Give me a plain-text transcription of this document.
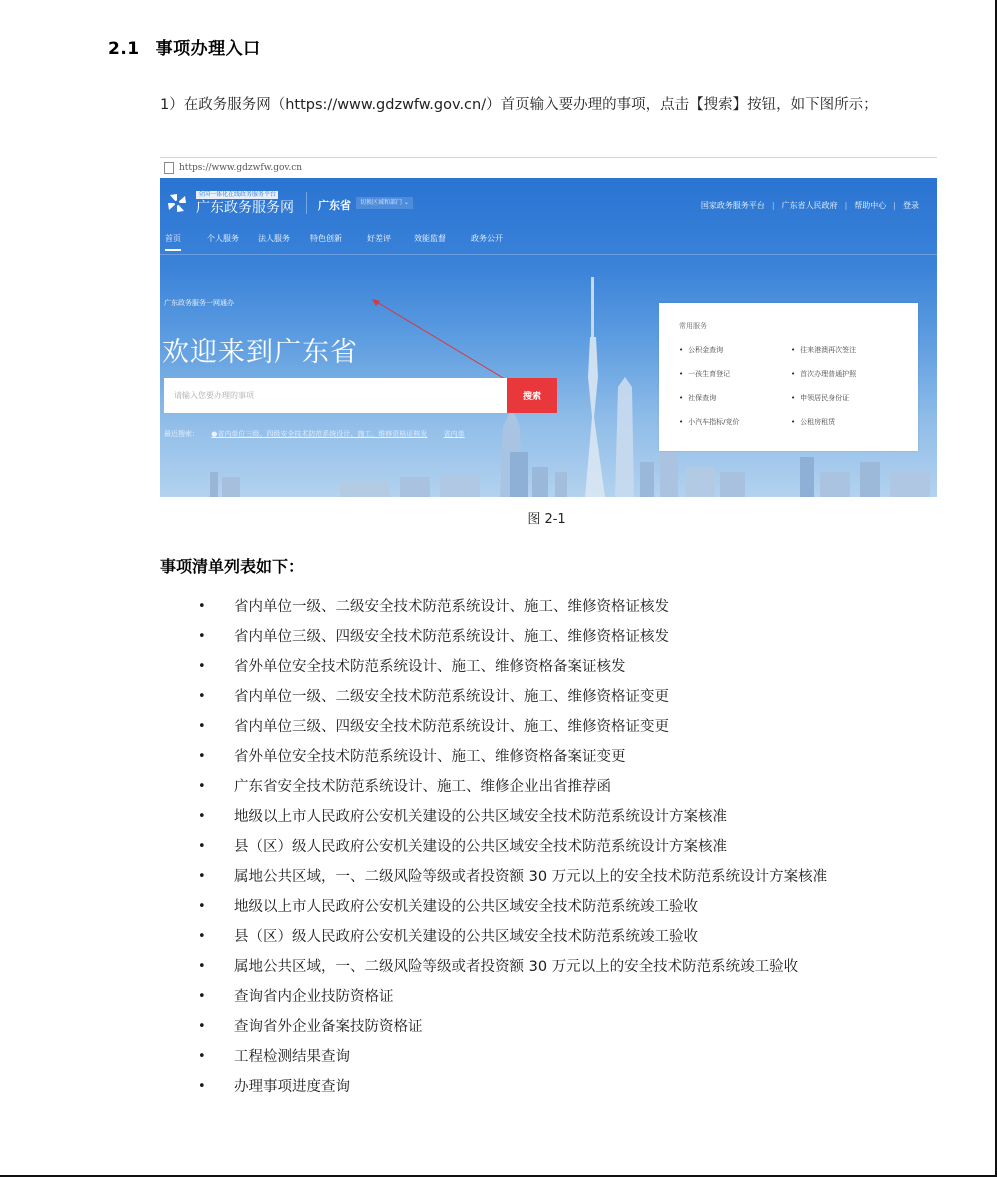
2.1 事项办理入口
1）在政务服务网（https://www.gdzwfw.gov.cn/）首页输入要办理的事项，点击【搜索】按钮，如下图所示；
https://www.gdzwfw.gov.cn
全国一体化在线政务服务平台
广东政务服务网 广东省	切换区域和部门 ⌄	国家政务服务平台 | 广东省人民政府 | 帮助中心 | 登录
首页	个人服务 法人服务	特色创新	好差评	效能监督	政务公开
广东政务服务一网通办
欢迎来到广东省
请输入您要办理的事项
搜索
最近搜索： ●省内单位三级、四级安全技术防范系统设计、施工、维修资格证核发 省内单
常用服务
• 公积金查询	• 往来港澳再次签注
• 一孩生育登记	• 首次办理普通护照
• 社保查询	• 申领居民身份证
• 小汽车指标/竞价	• 公租房租赁
图 2-1
事项清单列表如下：
• 省内单位一级、二级安全技术防范系统设计、施工、维修资格证核发
• 省内单位三级、四级安全技术防范系统设计、施工、维修资格证核发
• 省外单位安全技术防范系统设计、施工、维修资格备案证核发
• 省内单位一级、二级安全技术防范系统设计、施工、维修资格证变更
• 省内单位三级、四级安全技术防范系统设计、施工、维修资格证变更
• 省外单位安全技术防范系统设计、施工、维修资格备案证变更
• 广东省安全技术防范系统设计、施工、维修企业出省推荐函
• 地级以上市人民政府公安机关建设的公共区域安全技术防范系统设计方案核准
• 县（区）级人民政府公安机关建设的公共区域安全技术防范系统设计方案核准
• 属地公共区域，一、二级风险等级或者投资额 30 万元以上的安全技术防范系统设计方案核准
• 地级以上市人民政府公安机关建设的公共区域安全技术防范系统竣工验收
• 县（区）级人民政府公安机关建设的公共区域安全技术防范系统竣工验收
• 属地公共区域，一、二级风险等级或者投资额 30 万元以上的安全技术防范系统竣工验收
• 查询省内企业技防资格证
• 查询省外企业备案技防资格证
• 工程检测结果查询
• 办理事项进度查询
